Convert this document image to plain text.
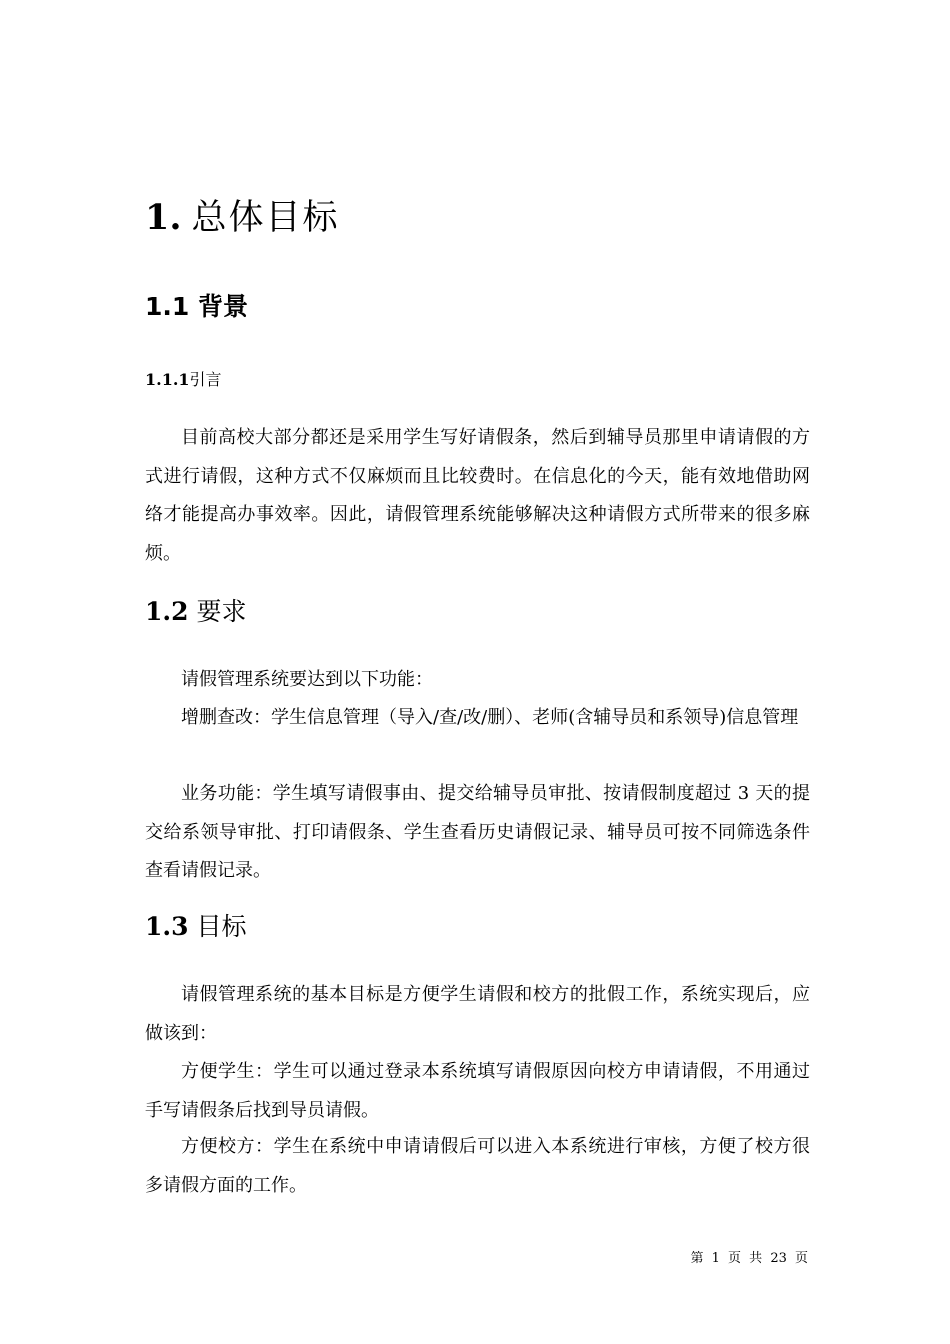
1. 总体目标
1.1 背景
1.1.1引言

目前高校大部分都还是采用学生写好请假条，然后到辅导员那里申请请假的方式进行请假，这种方式不仅麻烦而且比较费时。在信息化的今天，能有效地借助网络才能提高办事效率。因此，请假管理系统能够解决这种请假方式所带来的很多麻烦。

1.2 要求

请假管理系统要达到以下功能：

增删查改：学生信息管理（导入/查/改/删）、老师(含辅导员和系领导)信息管理

业务功能：学生填写请假事由、提交给辅导员审批、按请假制度超过 3 天的提交给系领导审批、打印请假条、学生查看历史请假记录、辅导员可按不同筛选条件查看请假记录。

1.3 目标

请假管理系统的基本目标是方便学生请假和校方的批假工作，系统实现后，应做该到：

方便学生：学生可以通过登录本系统填写请假原因向校方申请请假，不用通过手写请假条后找到导员请假。

方便校方：学生在系统中申请请假后可以进入本系统进行审核，方便了校方很多请假方面的工作。

第 1 页 共 23 页
